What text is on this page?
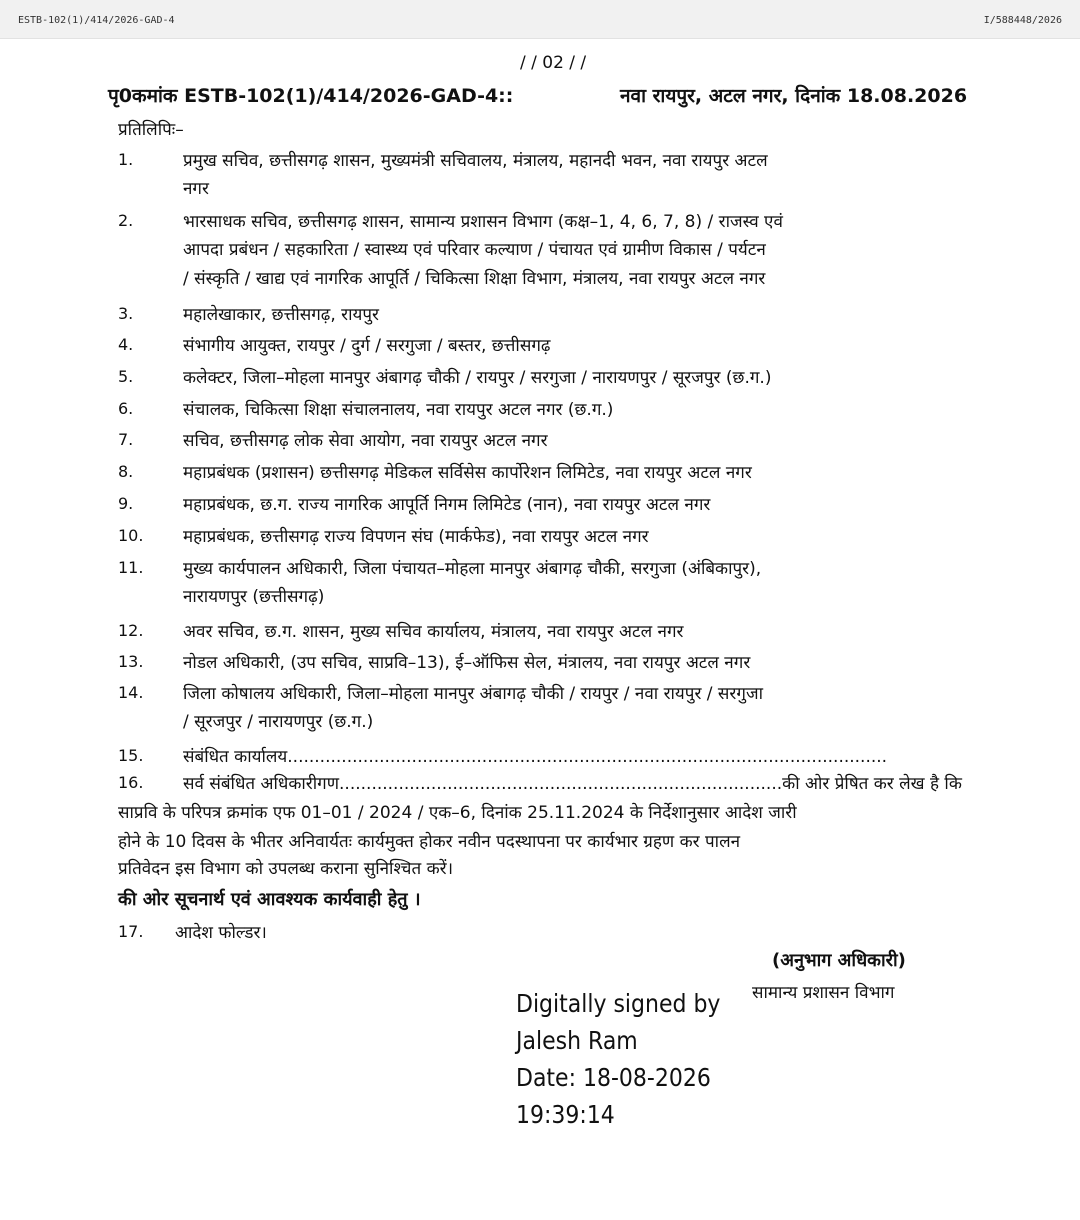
ESTB-102(1)/414/2026-GAD-4	I/588448/2026
/ / 02 / /
पृ0कमांक ESTB-102(1)/414/2026-GAD-4::	नवा रायपुर, अटल नगर, दिनांक 18.08.2026
प्रतिलिपिः–
1.	प्रमुख सचिव, छत्तीसगढ़ शासन, मुख्यमंत्री सचिवालय, मंत्रालय, महानदी भवन, नवा रायपुर अटल
नगर
2.	भारसाधक सचिव, छत्तीसगढ़ शासन, सामान्य प्रशासन विभाग (कक्ष–1, 4, 6, 7, 8) / राजस्व एवं
आपदा प्रबंधन / सहकारिता / स्वास्थ्य एवं परिवार कल्याण / पंचायत एवं ग्रामीण विकास / पर्यटन
/ संस्कृति / खाद्य एवं नागरिक आपूर्ति / चिकित्सा शिक्षा विभाग, मंत्रालय, नवा रायपुर अटल नगर
3.	महालेखाकार, छत्तीसगढ़, रायपुर
4.	संभागीय आयुक्त, रायपुर / दुर्ग / सरगुजा / बस्तर, छत्तीसगढ़
5.	कलेक्टर, जिला–मोहला मानपुर अंबागढ़ चौकी / रायपुर / सरगुजा / नारायणपुर / सूरजपुर (छ.ग.)
6.	संचालक, चिकित्सा शिक्षा संचालनालय, नवा रायपुर अटल नगर (छ.ग.)
7.	सचिव, छत्तीसगढ़ लोक सेवा आयोग, नवा रायपुर अटल नगर
8.	महाप्रबंधक (प्रशासन) छत्तीसगढ़ मेडिकल सर्विसेस कार्पोरेशन लिमिटेड, नवा रायपुर अटल नगर
9.	महाप्रबंधक, छ.ग. राज्य नागरिक आपूर्ति निगम लिमिटेड (नान), नवा रायपुर अटल नगर
10. महाप्रबंधक, छत्तीसगढ़ राज्य विपणन संघ (मार्कफेड), नवा रायपुर अटल नगर
11. मुख्य कार्यपालन अधिकारी, जिला पंचायत–मोहला मानपुर अंबागढ़ चौकी, सरगुजा (अंबिकापुर),
नारायणपुर (छत्तीसगढ़)
12. अवर सचिव, छ.ग. शासन, मुख्य सचिव कार्यालय, मंत्रालय, नवा रायपुर अटल नगर
13. नोडल अधिकारी, (उप सचिव, साप्रवि–13), ई–ऑफिस सेल, मंत्रालय, नवा रायपुर अटल नगर
14. जिला कोषालय अधिकारी, जिला–मोहला मानपुर अंबागढ़ चौकी / रायपुर / नवा रायपुर / सरगुजा
/ सूरजपुर / नारायणपुर (छ.ग.)
15. संबंधित कार्यालय...............................................................................................................
16. सर्व संबंधित अधिकारीगण..................................................................................की ओर प्रेषित कर लेख है कि
साप्रवि के परिपत्र क्रमांक एफ 01–01 / 2024 / एक–6, दिनांक 25.11.2024 के निर्देशानुसार आदेश जारी
होने के 10 दिवस के भीतर अनिवार्यतः कार्यमुक्त होकर नवीन पदस्थापना पर कार्यभार ग्रहण कर पालन
प्रतिवेदन इस विभाग को उपलब्ध कराना सुनिश्चित करें।
की ओर सूचनार्थ एवं आवश्यक कार्यवाही हेतु ।
17. आदेश फोल्डर।
(अनुभाग अधिकारी)
सामान्य प्रशासन विभाग
Digitally signed by
Jalesh Ram
Date: 18-08-2026
19:39:14
